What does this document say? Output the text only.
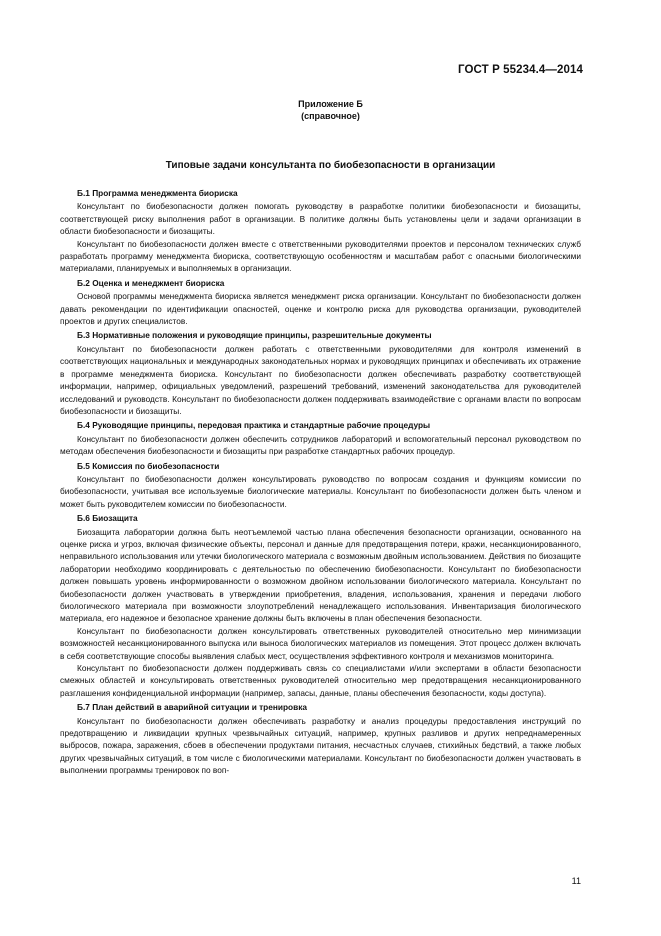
ГОСТ Р 55234.4—2014
Приложение Б
(справочное)
Типовые задачи консультанта по биобезопасности в организации
Б.1 Программа менеджмента биориска

Консультант по биобезопасности должен помогать руководству в разработке политики биобезопасности и биозащиты, соответствующей риску выполнения работ в организации. В политике должны быть установлены цели и задачи организации в области биобезопасности и биозащиты.

Консультант по биобезопасности должен вместе с ответственными руководителями проектов и персоналом технических служб разработать программу менеджмента биориска, соответствующую особенностям и масштабам работ с опасными биологическими материалами, планируемых и выполняемых в организации.

Б.2 Оценка и менеджмент биориска

Основой программы менеджмента биориска является менеджмент риска организации. Консультант по биобезопасности должен давать рекомендации по идентификации опасностей, оценке и контролю риска для руководства организации, руководителей проектов и других специалистов.

Б.3 Нормативные положения и руководящие принципы, разрешительные документы

Консультант по биобезопасности должен работать с ответственными руководителями для контроля изменений в соответствующих национальных и международных законодательных нормах и руководящих принципах и обеспечивать их отражение в программе менеджмента биориска. Консультант по биобезопасности должен обеспечивать разработку соответствующей информации, например, официальных уведомлений, разрешений требований, изменений законодательства для руководителей исследований и руководств. Консультант по биобезопасности должен поддерживать взаимодействие с органами власти по вопросам биобезопасности и биозащиты.

Б.4 Руководящие принципы, передовая практика и стандартные рабочие процедуры

Консультант по биобезопасности должен обеспечить сотрудников лабораторий и вспомогательный персонал руководством по методам обеспечения биобезопасности и биозащиты при разработке стандартных рабочих процедур.

Б.5 Комиссия по биобезопасности

Консультант по биобезопасности должен консультировать руководство по вопросам создания и функциям комиссии по биобезопасности, учитывая все используемые биологические материалы. Консультант по биобезопасности должен быть членом и может быть руководителем комиссии по биобезопасности.

Б.6 Биозащита

Биозащита лаборатории должна быть неотъемлемой частью плана обеспечения безопасности организации, основанного на оценке риска и угроз, включая физические объекты, персонал и данные для предотвращения потери, кражи, несанкционированного, неправильного использования или утечки биологического материала с возможным двойным использованием. Действия по биозащите лаборатории необходимо координировать с деятельностью по обеспечению биобезопасности. Консультант по биобезопасности должен повышать уровень информированности о возможном двойном использовании биологического материала. Консультант по биобезопасности должен участвовать в утверждении приобретения, владения, использования, хранения и передачи любого биологического материала при возможности злоупотреблений ненадлежащего использования. Инвентаризация биологического материала, его надежное и безопасное хранение должны быть включены в план обеспечения безопасности.

Консультант по биобезопасности должен консультировать ответственных руководителей относительно мер минимизации возможностей несанкционированного выпуска или выноса биологических материалов из помещения. Этот процесс должен включать в себя соответствующие способы выявления слабых мест, осуществления эффективного контроля и механизмов мониторинга.

Консультант по биобезопасности должен поддерживать связь со специалистами и/или экспертами в области безопасности смежных областей и консультировать ответственных руководителей относительно мер предотвращения несанкционированного разглашения конфиденциальной информации (например, запасы, данные, планы обеспечения безопасности, коды доступа).

Б.7 План действий в аварийной ситуации и тренировка

Консультант по биобезопасности должен обеспечивать разработку и анализ процедуры предоставления инструкций по предотвращению и ликвидации крупных чрезвычайных ситуаций, например, крупных разливов и других непреднамеренных выбросов, пожара, заражения, сбоев в обеспечении продуктами питания, несчастных случаев, стихийных бедствий, а также любых других чрезвычайных ситуаций, в том числе с биологическими материалами. Консультант по биобезопасности должен участвовать в выполнении программы тренировок по воп-

11
